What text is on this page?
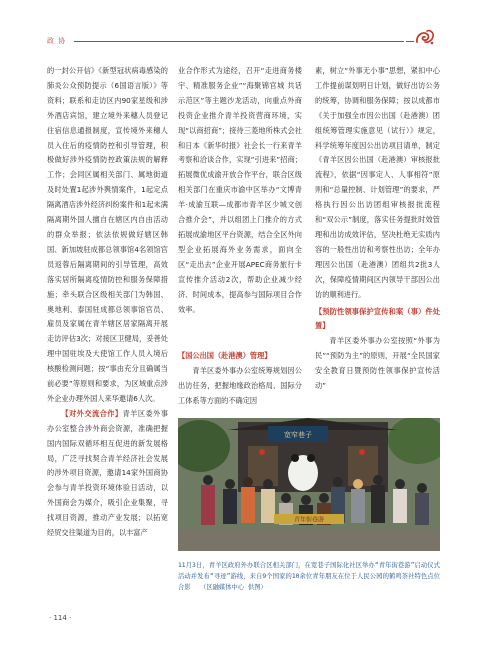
政 协

的一封公开信》《新型冠状病毒感染的肺炎公众预防提示（6国语言版）》等资料；联系和走访区内90家星级和涉外酒店宾馆，建立境外来穗人员登记住宿信息通报制度，宣传境外来穗人员入住后的疫情防控和引导管理，积极做好涉外疫情防控政策法规的解释工作；会同区属相关部门、属地街道及时处置1起涉外舆情案件，1起定点隔离酒店涉外经济纠纷案件和1起未满隔离期外国人擅自在辖区内自由活动的群众举报；依法依规做好辖区韩国、新加坡驻成都总领事馆4名领馆官员返蓉后隔离期间的引导管理，高效落实居所隔离疫情防控和服务保障措施；牵头联合区级相关部门为韩国、奥地利、泰国驻成都总领事馆官员、雇员及家属在青羊辖区居家隔离开展走访评估3次；对接区卫健局，妥善处理中国驻埃及大使馆工作人员入境后核酸检测问题；按“事由充分且确属当前必要”等原则和要求，为区域重点涉外企业办理外国人来华邀请6人次。

【对外交流合作】青羊区委外事办公室整合涉外商会资源，准确把握国内国际双循环相互促进的新发展格局，广泛寻找契合青羊经济社会发展的涉外项目资源，邀请14家外国商协会参与青羊投资环境体验日活动，以外国商会为媒介，吸引企业集聚，寻找项目资源，推动产业发展；以拓宽经贸交往渠道为目的，以丰富产

业合作形式为途经，召开“走进商务楼宇、精准服务企业”“海聚锦官城 共话示范区”等主题沙龙活动，向重点外商投资企业推介青羊投资营商环境，实现“以商招商”；接待三菱地所株式会社和日本《新华时报》社会长一行来青羊考察和洽谈合作，实现“引进来”招商；拓展微优成渝开放合作平台，联合区级相关部门在重庆市渝中区举办“文博青羊·成渝互联—成都市青羊区少城文创合推介会”，并以组团上门推介的方式拓展成渝地区平台资源，结合全区外向型企业拓展海外业务需求，面向全区“走出去”企业开展APEC商务旅行卡宣传推介活动2次，帮助企业减少经济、时间成本，提高参与国际项目合作效率。

【国公出国（赴港澳）管理】

青羊区委外事办公室统筹规划因公出访任务，把握地缘政治格局、国际分工体系等方面的不确定因

素，树立“外事无小事”思想，紧扣中心工作提前谋划明日计划，做好出访公务的统筹，协调和服务保障；按以成都市《关于加强全市因公出国（赴港澳）团组统筹管理实施意见（试行）》规定，科学统筹年度因公出访项目请单，制定《青羊区因公出国（赴港澳）审核报批流程》，依据“因事定人、人事相符”原则和“总量控制、计划管理”的要求，严格执行因公出访团组审核报批流程和“双公示”制度，落实任务提批时效管理和出访成效评估，坚决杜绝无实质内容的一般性出访和考察性出访；全年办理因公出国（赴港澳）团组共2批3人次，保障疫情期间区内领导干部因公出访的顺利进行。

【预防性领事保护宣传和案（事）件处置】

青羊区委外事办公室按照“外事为民”“预防为主”的原则，开展“全民国家安全教育日暨预防性领事保护宣传活动”

宽窄巷子
青年街巷游
11月3日，青羊区政府外办联合区相关部门，在宽巷子国际化社区举办“青年街巷游”启动仪式活动并发布“寻迹”游线，来自9个国家的10余位青年朋友在位于人民公园的鹤鸣茶社特色点位合影　　（区融媒体中心 供图）
· 114 ·
